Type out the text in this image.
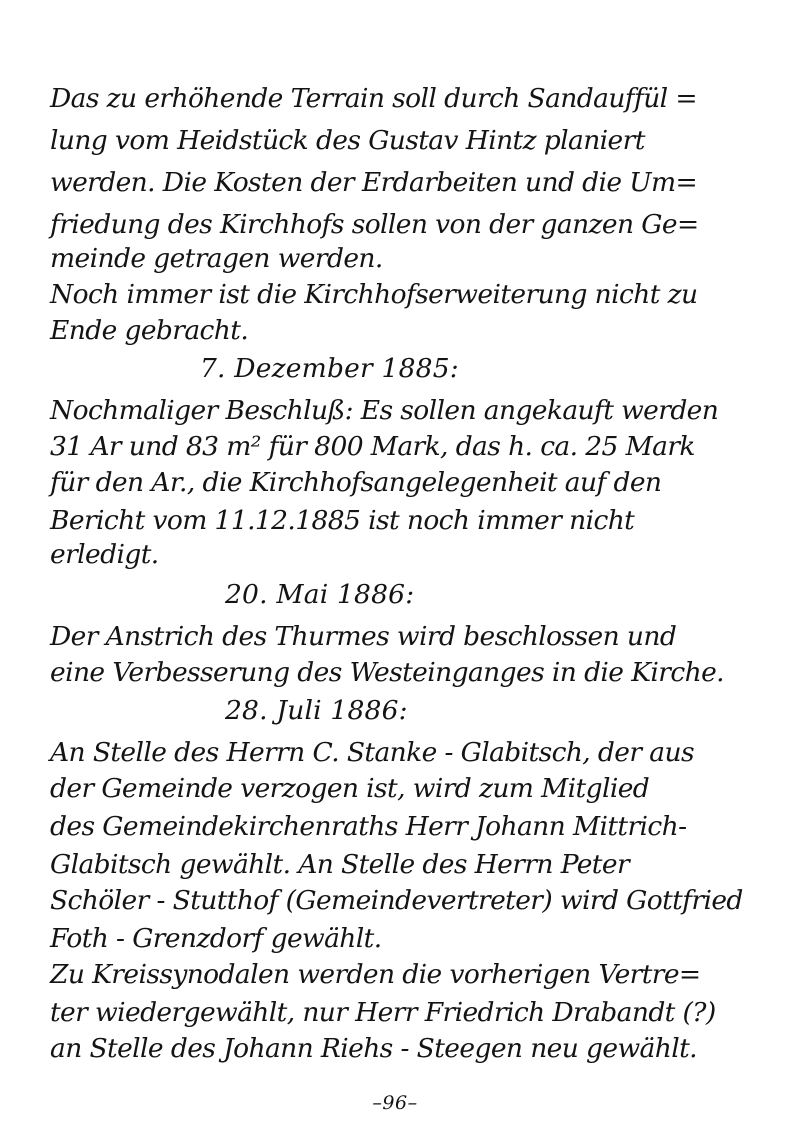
Das zu erhöhende Terrain soll durch Sandauffül =
lung vom Heidstück des Gustav Hintz planiert
werden. Die Kosten der Erdarbeiten und die Um=
friedung des Kirchhofs sollen von der ganzen Ge=
meinde getragen werden.
Noch immer ist die Kirchhofserweiterung nicht zu
Ende gebracht.
7. Dezember 1885:
Nochmaliger Beschluß: Es sollen angekauft werden
31 Ar und 83 m² für 800 Mark, das h. ca. 25 Mark
für den Ar., die Kirchhofsangelegenheit auf den
Bericht vom 11.12.1885 ist noch immer nicht
erledigt.
20. Mai 1886:
Der Anstrich des Thurmes wird beschlossen und
eine Verbesserung des Westeinganges in die Kirche.
28. Juli 1886:
An Stelle des Herrn C. Stanke - Glabitsch, der aus
der Gemeinde verzogen ist, wird zum Mitglied
des Gemeindekirchenraths Herr Johann Mittrich-
Glabitsch gewählt. An Stelle des Herrn Peter
Schöler - Stutthof (Gemeindevertreter) wird Gottfried
Foth - Grenzdorf gewählt.
Zu Kreissynodalen werden die vorherigen Vertre=
ter wiedergewählt, nur Herr Friedrich Drabandt (?)
an Stelle des Johann Riehs - Steegen neu gewählt.
–96–
